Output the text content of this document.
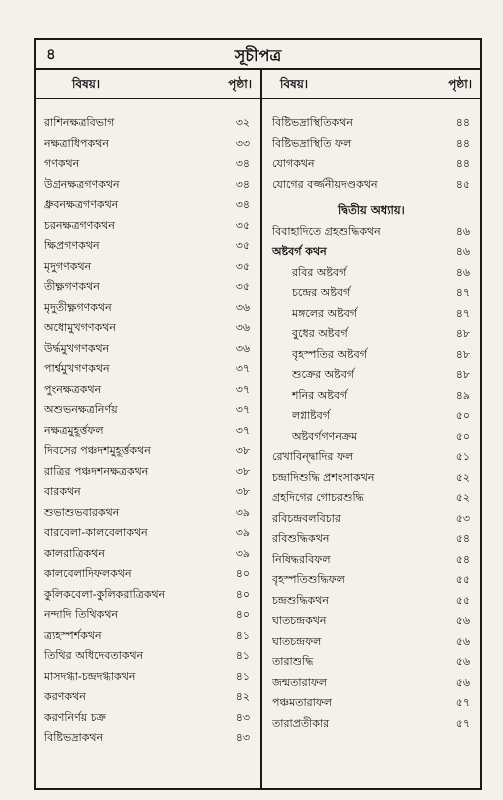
৪	সূচীপত্র
বিষয়।	পৃষ্ঠা।
রাশিনক্ষত্রবিভাগ	৩২
নক্ষত্রাধিপকথন	৩৩
গণকথন	৩৪
উগ্রনক্ষত্রগণকথন	৩৪
ধ্রুবনক্ষত্রগণকথন	৩৪
চরনক্ষত্রগণকথন	৩৫
ক্ষিপ্রগণকথন	৩৫
মৃদুগণকথন	৩৫
তীক্ষ্ণগণকথন	৩৫
মৃদুতীক্ষ্ণগণকথন	৩৬
অধোমুখগণকথন	৩৬
উর্দ্ধমুখগণকথন	৩৬
পার্শ্বমুখগণকথন	৩৭
পুংনক্ষত্রকথন	৩৭
অশুভনক্ষত্রনির্ণয়	৩৭
নক্ষত্রমুহূর্ত্তফল	৩৭
দিবসের পঞ্চদশমুহূর্ত্তকথন	৩৮
রাত্রির পঞ্চদশনক্ষত্রকথন	৩৮
বারকথন	৩৮
শুভাশুভবারকথন	৩৯
বারবেলা-কালবেলাকথন	৩৯
কালরাত্রিকথন	৩৯
কালবেলাদিফলকথন	৪০
কুলিকবেলা-কুলিকরাত্রিকথন	৪০
নন্দাদি তিথিকথন	৪০
ত্র্যহস্পর্শকথন	৪১
তিথির অধিদেবতাকথন	৪১
মাসদগ্ধা-চন্দ্রদগ্ধাকথন	৪১
করণকথন	৪২
করণনির্ণয় চক্র	৪৩
বিষ্টিভদ্রাকথন	৪৩
বিষয়।	পৃষ্ঠা।
বিষ্টিভদ্রাস্থিতিকথন	৪৪
বিষ্টিভদ্রাস্থিতি ফল	৪৪
যোগকথন	৪৪
যোগের বর্জ্জনীয়দণ্ডকথন	৪৫
দ্বিতীয় অধ্যায়।
বিবাহাদিতে গ্রহশুদ্ধিকথন	৪৬
অষ্টবর্গ কথন	৪৬
রবির অষ্টবর্গ	৪৬
চন্দ্রের অষ্টবর্গ	৪৭
মঙ্গলের অষ্টবর্গ	৪৭
বুধের অষ্টবর্গ	৪৮
বৃহস্পতির অষ্টবর্গ	৪৮
শুক্রের অষ্টবর্গ	৪৮
শনির অষ্টবর্গ	৪৯
লগ্নাষ্টবর্গ	৫০
অষ্টবর্গগণনক্রম	৫০
রেখাবিন্দ্বাদির ফল	৫১
চন্দ্রাদিশুদ্ধি প্রশংসাকথন	৫২
গ্রহদিগের গোচরশুদ্ধি	৫২
রবিচন্দ্রবলবিচার	৫৩
রবিশুদ্ধিকথন	৫৪
নিষিদ্ধরবিফল	৫৪
বৃহস্পতিশুদ্ধিফল	৫৫
চন্দ্রশুদ্ধিকথন	৫৫
ঘাতচন্দ্রকথন	৫৬
ঘাতচন্দ্রফল	৫৬
তারাশুদ্ধি	৫৬
জন্মতারাফল	৫৬
পঞ্চমতারাফল	৫৭
তারাপ্রতীকার	৫৭
